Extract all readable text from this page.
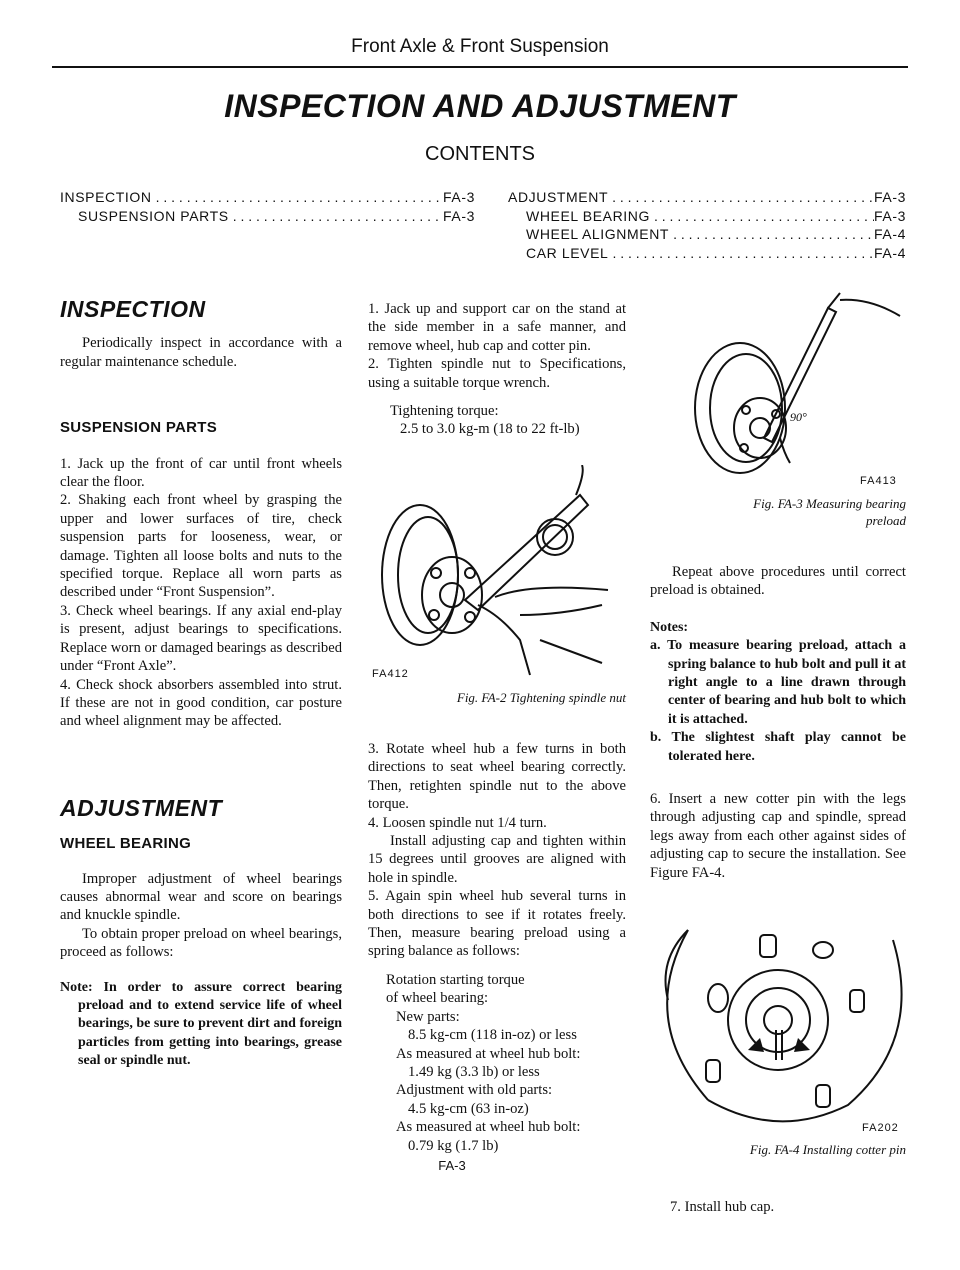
Front Axle & Front Suspension
INSPECTION AND ADJUSTMENT
CONTENTS
INSPECTION . . .	FA-3
SUSPENSION PARTS . . .	FA-3
ADJUSTMENT . . .	FA-3
WHEEL BEARING . . .	FA-3
WHEEL ALIGNMENT . . .	FA-4
CAR LEVEL . . .	FA-4
INSPECTION

Periodically inspect in accordance with a regular maintenance schedule.

SUSPENSION PARTS

1. Jack up the front of car until front wheels clear the floor.

2. Shaking each front wheel by grasping the upper and lower surfaces of tire, check suspension parts for looseness, wear, or damage. Tighten all loose bolts and nuts to the specified torque. Replace all worn parts as described under “Front Suspension”.

3. Check wheel bearings. If any axial end-play is present, adjust bearings to specifications. Replace worn or damaged bearings as described under “Front Axle”.

4. Check shock absorbers assembled into strut. If these are not in good condition, car posture and wheel alignment may be affected.

ADJUSTMENT
WHEEL BEARING

Improper adjustment of wheel bearings causes abnormal wear and score on bearings and knuckle spindle.

To obtain proper preload on wheel bearings, proceed as follows:

Note: In order to assure correct bearing preload and to extend service life of wheel bearings, be sure to prevent dirt and foreign particles from getting into bearings, grease seal or spindle nut.

1. Jack up and support car on the stand at the side member in a safe manner, and remove wheel, hub cap and cotter pin.

2. Tighten spindle nut to Specifications, using a suitable torque wrench.

Tightening torque:

2.5 to 3.0 kg-m (18 to 22 ft-lb)

FA412
Fig. FA-2 Tightening spindle nut

3. Rotate wheel hub a few turns in both directions to seat wheel bearing correctly. Then, retighten spindle nut to the above torque.

4. Loosen spindle nut 1/4 turn.

Install adjusting cap and tighten within 15 degrees until grooves are aligned with hole in spindle.

5. Again spin wheel hub several turns in both directions to see if it rotates freely. Then, measure bearing preload using a spring balance as follows:

Rotation starting torque
of wheel bearing:
New parts:
8.5 kg-cm (118 in-oz) or less
As measured at wheel hub bolt:
1.49 kg (3.3 lb) or less
Adjustment with old parts:
4.5 kg-cm (63 in-oz)
As measured at wheel hub bolt:
0.79 kg (1.7 lb)
FA-3
90°
FA413
Fig. FA-3 Measuring bearing
preload

Repeat above procedures until correct preload is obtained.

Notes:

a. To measure bearing preload, attach a spring balance to hub bolt and pull it at right angle to a line drawn through center of bearing and hub bolt to which it is attached.

b. The slightest shaft play cannot be tolerated here.

6. Insert a new cotter pin with the legs through adjusting cap and spindle, spread legs away from each other against sides of adjusting cap to secure the installation. See Figure FA-4.

FA202
Fig. FA-4 Installing cotter pin
7. Install hub cap.
